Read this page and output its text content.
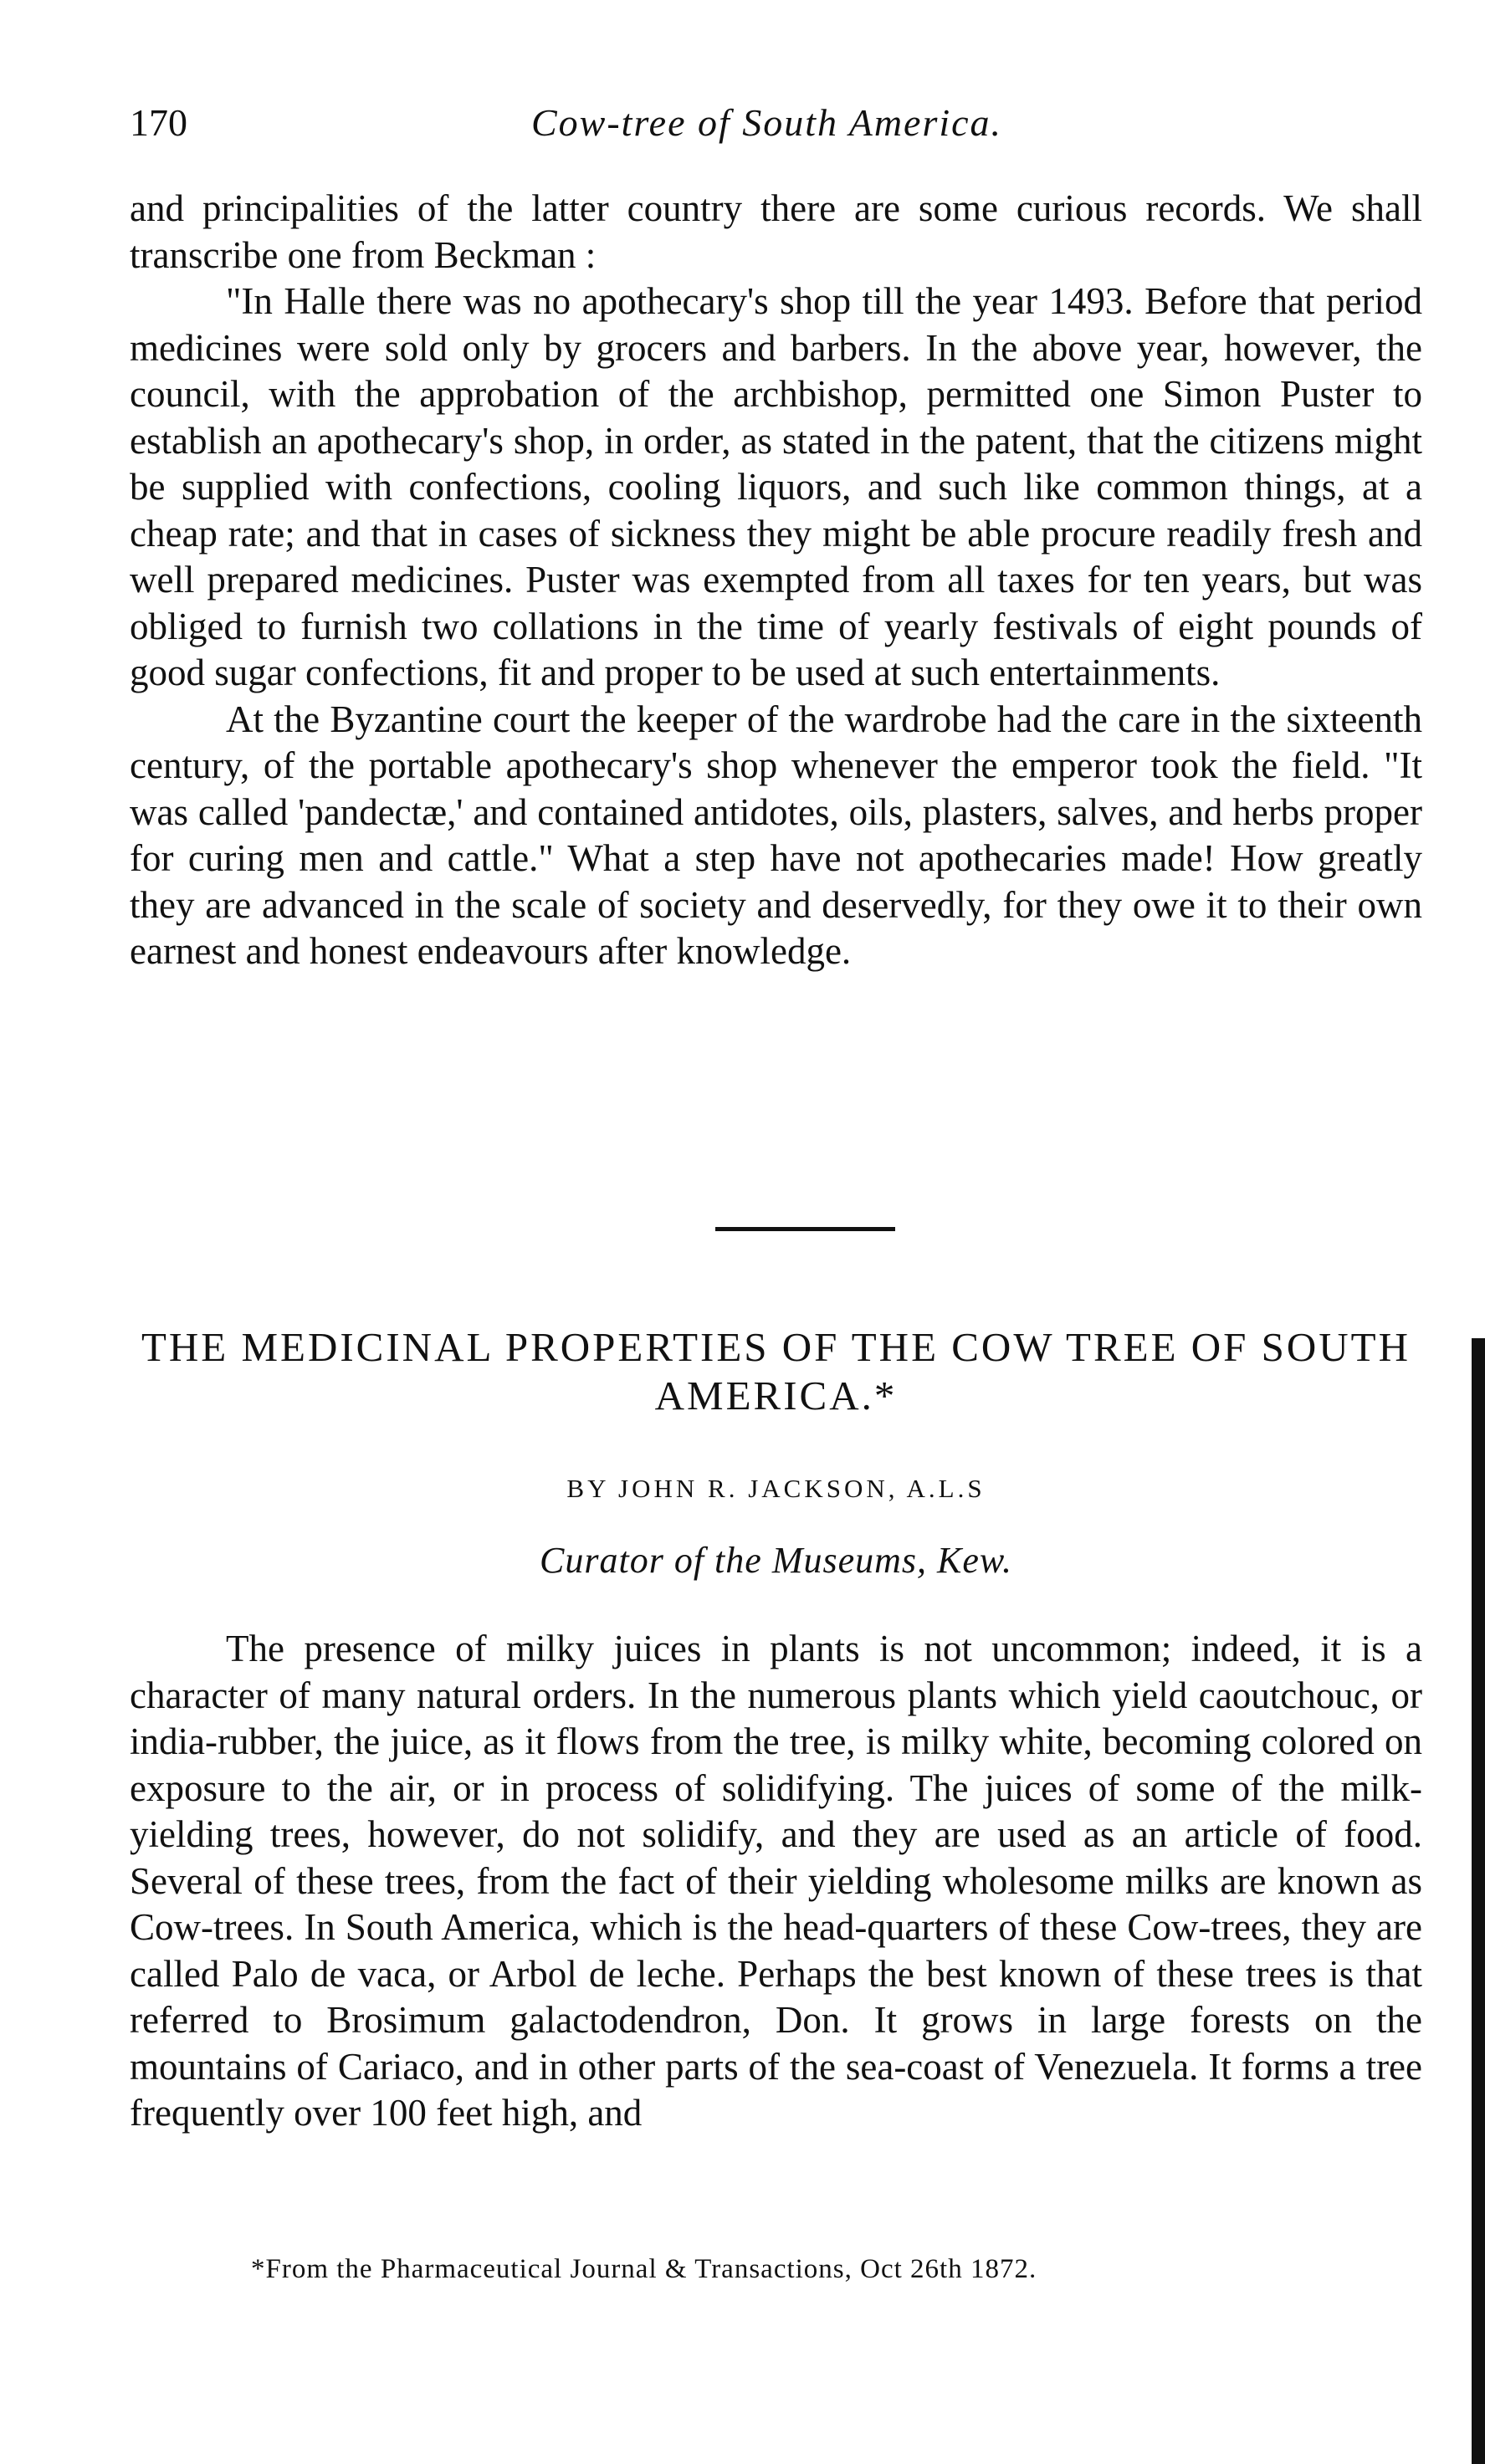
170	Cow-tree of South America.

and principalities of the latter country there are some curious records. We shall transcribe one from Beckman :

"In Halle there was no apothecary's shop till the year 1493. Before that period medicines were sold only by grocers and barbers. In the above year, however, the council, with the approbation of the archbishop, permitted one Simon Puster to establish an apothecary's shop, in order, as stated in the patent, that the citizens might be supplied with confections, cooling liquors, and such like common things, at a cheap rate; and that in cases of sickness they might be able procure readily fresh and well prepared medicines. Puster was exempted from all taxes for ten years, but was obliged to furnish two collations in the time of yearly festivals of eight pounds of good sugar confections, fit and proper to be used at such entertainments.

At the Byzantine court the keeper of the wardrobe had the care in the sixteenth century, of the portable apothecary's shop whenever the emperor took the field. "It was called 'pandectæ,' and contained antidotes, oils, plasters, salves, and herbs proper for curing men and cattle." What a step have not apothecaries made! How greatly they are advanced in the scale of society and deservedly, for they owe it to their own earnest and honest endeavours after knowledge.

THE MEDICINAL PROPERTIES OF THE COW TREE OF SOUTH AMERICA.*
BY JOHN R. JACKSON, A.L.S
Curator of the Museums, Kew.

The presence of milky juices in plants is not uncommon; indeed, it is a character of many natural orders. In the numerous plants which yield caoutchouc, or india-rubber, the juice, as it flows from the tree, is milky white, becoming colored on exposure to the air, or in process of solidifying. The juices of some of the milk-yielding trees, however, do not solidify, and they are used as an article of food. Several of these trees, from the fact of their yielding wholesome milks are known as Cow-trees. In South America, which is the head-quarters of these Cow-trees, they are called Palo de vaca, or Arbol de leche. Perhaps the best known of these trees is that referred to Brosimum galactodendron, Don. It grows in large forests on the mountains of Cariaco, and in other parts of the sea-coast of Venezuela. It forms a tree frequently over 100 feet high, and

*From the Pharmaceutical Journal & Transactions, Oct 26th 1872.
